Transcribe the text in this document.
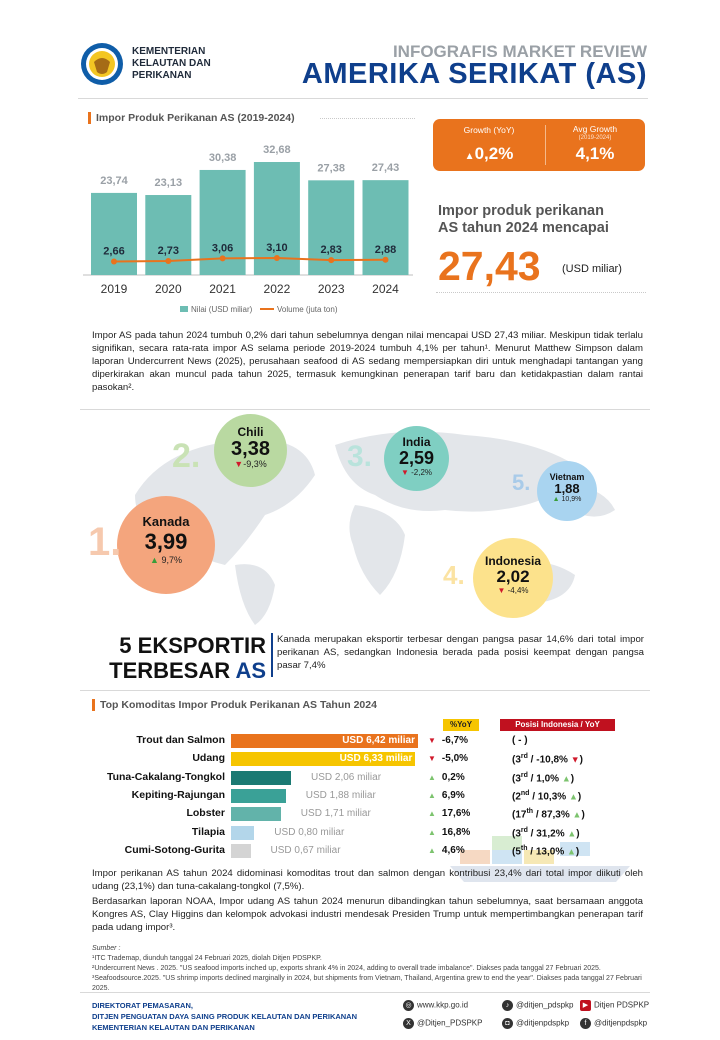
KEMENTERIAN
KELAUTAN DAN
PERIKANAN
INFOGRAFIS MARKET REVIEW
AMERIKA SERIKAT (AS)
Impor Produk Perikanan AS (2019-2024)
23,74
2019
23,13
2020
30,38
2021
32,68
2022
27,38
2023
27,43
2024
2,66	2,73	3,06	3,10	2,83	2,88
Nilai (USD miliar)	Volume (juta ton)
Growth (YoY)
▲0,2%
Avg Growth
(2019-2024)
4,1%
Impor produk perikanan
AS tahun 2024 mencapai
27,43 (USD miliar)
Impor AS pada tahun 2024 tumbuh 0,2% dari tahun sebelumnya dengan nilai mencapai USD 27,43 miliar. Meskipun tidak terlalu signifikan, secara rata-rata impor AS selama periode 2019-2024 tumbuh 4,1% per tahun¹. Menurut Matthew Simpson dalam laporan Undercurrent News (2025), perusahaan seafood di AS sedang mempersiapkan diri untuk menghadapi tantangan yang diperkirakan akan muncul pada tahun 2025, termasuk kemungkinan penerapan tarif baru dan ketidakpastian dalam rantai pasokan².
Kanada
3,99
▲ 9,7%
1.
Chili
3,38
▼-9,3%
2.	India
2,59
▼ -2,2%
3.
Indonesia
2,02
▼ -4,4%
4.
Vietnam
1,88
▲ 10,9%
5.
5 EKSPORTIR
TERBESAR AS
Kanada merupakan eksportir terbesar dengan pangsa pasar 14,6% dari total impor perikanan AS, sedangkan Indonesia berada pada posisi keempat dengan pangsa pasar 7,4%
Top Komoditas Impor Produk Perikanan AS Tahun 2024
%YoY	Posisi Indonesia / YoY
Trout dan Salmon	USD 6,42 miliar ▼ -6,7%	( - )
Udang	USD 6,33 miliar ▼ -5,0%	(3rd / -10,8% ▼)
Tuna-Cakalang-Tongkol	USD 2,06 miliar	▲ 0,2%	(3rd / 1,0% ▲)
Kepiting-Rajungan	USD 1,88 miliar	▲ 6,9%	(2nd / 10,3% ▲)
Lobster	USD 1,71 miliar	▲ 17,6%	(17th / 87,3% ▲)
Tilapia	USD 0,80 miliar	▲ 16,8%	(3rd / 31,2% ▲)
Cumi-Sotong-Gurita	USD 0,67 miliar	▲ 4,6%	(5th / 13,0% ▲)
Impor perikanan AS tahun 2024 didominasi komoditas trout dan salmon dengan kontribusi 23,4% dari total impor diikuti oleh udang (23,1%) dan tuna-cakalang-tongkol (7,5%).
Berdasarkan laporan NOAA, Impor udang AS tahun 2024 menurun dibandingkan tahun sebelumnya, saat bersamaan anggota Kongres AS, Clay Higgins dan kelompok advokasi industri mendesak Presiden Trump untuk mempertimbangkan penerapan tarif pada udang impor³.
Sumber :
¹ITC Trademap, diunduh tanggal 24 Februari 2025, diolah Ditjen PDSPKP.
²Undercurrent News . 2025. "US seafood imports inched up, exports shrank 4% in 2024, adding to overall trade imbalance". Diakses pada tanggal 27 Februari 2025.
³Seafoodsource.2025. "US shrimp imports declined marginally in 2024, but shipments from Vietnam, Thailand, Argentina grew to end the year". Diakses pada tanggal 27 Februari 2025.
DIREKTORAT PEMASARAN,
DITJEN PENGUATAN DAYA SAING PRODUK KELAUTAN DAN PERIKANAN
KEMENTERIAN KELAUTAN DAN PERIKANAN
◎ www.kkp.go.id
X @Ditjen_PDSPKP
♪ @ditjen_pdspkp
◘ @ditjenpdspkp
▶ Ditjen PDSPKP
f @ditjenpdspkp
